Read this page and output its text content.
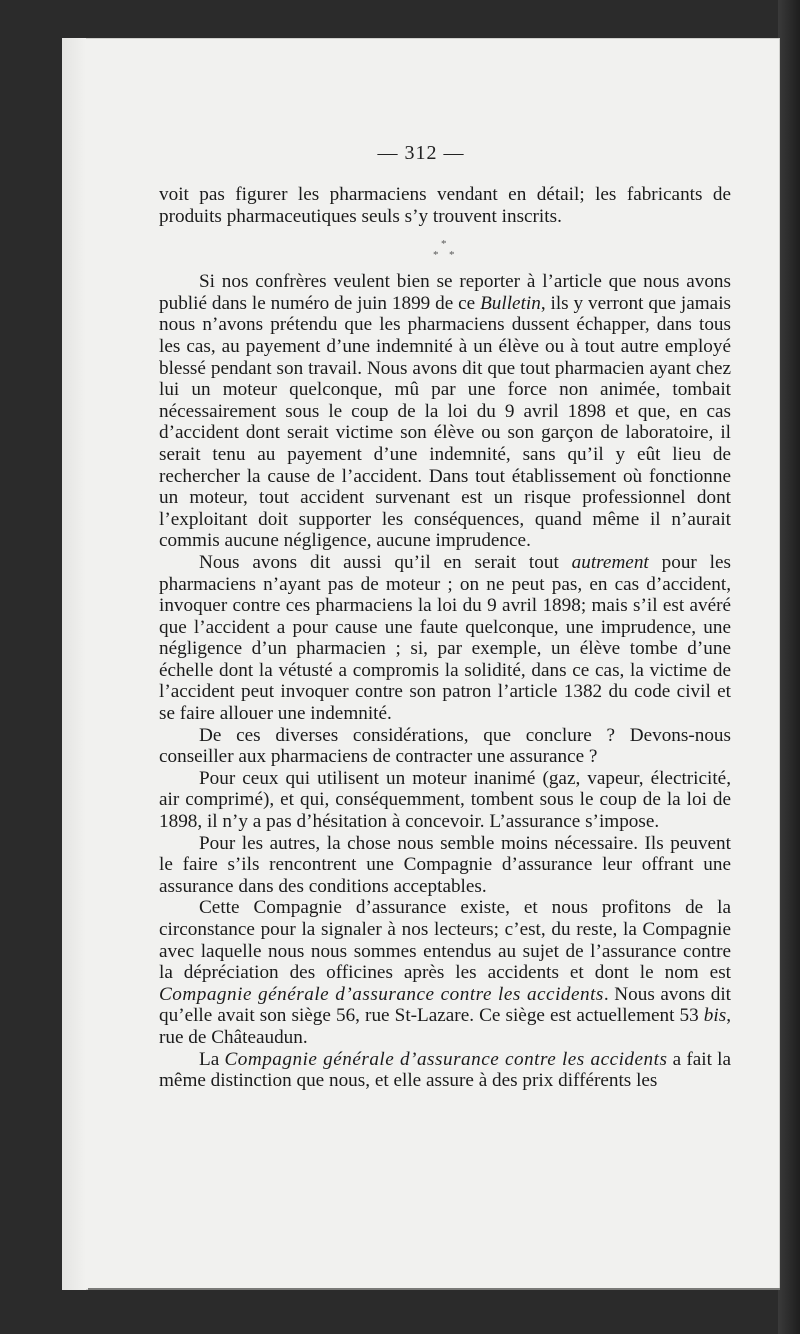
— 312 —

voit pas figurer les pharmaciens vendant en détail; les fabricants de produits pharmaceutiques seuls s’y trouvent inscrits.

*
* *

Si nos confrères veulent bien se reporter à l’article que nous avons publié dans le numéro de juin 1899 de ce Bulletin, ils y verront que jamais nous n’avons prétendu que les pharmaciens dussent échapper, dans tous les cas, au payement d’une indemnité à un élève ou à tout autre employé blessé pendant son travail. Nous avons dit que tout pharmacien ayant chez lui un moteur quelconque, mû par une force non animée, tombait nécessairement sous le coup de la loi du 9 avril 1898 et que, en cas d’accident dont serait victime son élève ou son garçon de laboratoire, il serait tenu au payement d’une indemnité, sans qu’il y eût lieu de rechercher la cause de l’accident. Dans tout établissement où fonctionne un moteur, tout accident survenant est un risque professionnel dont l’exploitant doit supporter les conséquences, quand même il n’aurait commis aucune négligence, aucune imprudence.

Nous avons dit aussi qu’il en serait tout autrement pour les pharmaciens n’ayant pas de moteur ; on ne peut pas, en cas d’accident, invoquer contre ces pharmaciens la loi du 9 avril 1898; mais s’il est avéré que l’accident a pour cause une faute quelconque, une imprudence, une négligence d’un pharmacien ; si, par exemple, un élève tombe d’une échelle dont la vétusté a compromis la solidité, dans ce cas, la victime de l’accident peut invoquer contre son patron l’article 1382 du code civil et se faire allouer une indemnité.

De ces diverses considérations, que conclure ? Devons-nous conseiller aux pharmaciens de contracter une assurance ?

Pour ceux qui utilisent un moteur inanimé (gaz, vapeur, électricité, air comprimé), et qui, conséquemment, tombent sous le coup de la loi de 1898, il n’y a pas d’hésitation à concevoir. L’assurance s’impose.

Pour les autres, la chose nous semble moins nécessaire. Ils peuvent le faire s’ils rencontrent une Compagnie d’assurance leur offrant une assurance dans des conditions acceptables.

Cette Compagnie d’assurance existe, et nous profitons de la circonstance pour la signaler à nos lecteurs; c’est, du reste, la Compagnie avec laquelle nous nous sommes entendus au sujet de l’assurance contre la dépréciation des officines après les accidents et dont le nom est Compagnie générale d’assurance contre les accidents. Nous avons dit qu’elle avait son siège 56, rue St-Lazare. Ce siège est actuellement 53 bis, rue de Châteaudun.

La Compagnie générale d’assurance contre les accidents a fait la même distinction que nous, et elle assure à des prix différents les
